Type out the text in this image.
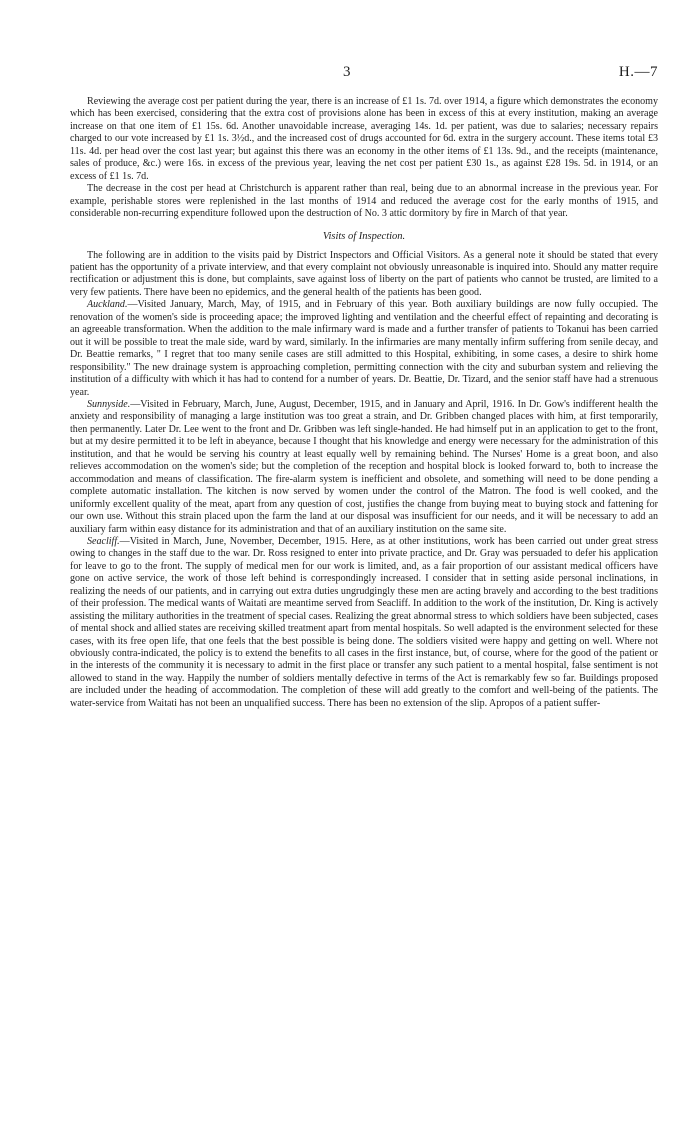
3	H.—7

Reviewing the average cost per patient during the year, there is an increase of £1 1s. 7d. over 1914, a figure which demonstrates the economy which has been exercised, considering that the extra cost of provisions alone has been in excess of this at every institution, making an average increase on that one item of £1 15s. 6d. Another unavoidable increase, averaging 14s. 1d. per patient, was due to salaries; necessary repairs charged to our vote increased by £1 1s. 3½d., and the increased cost of drugs accounted for 6d. extra in the surgery account. These items total £3 11s. 4d. per head over the cost last year; but against this there was an economy in the other items of £1 13s. 9d., and the receipts (maintenance, sales of produce, &c.) were 16s. in excess of the previous year, leaving the net cost per patient £30 1s., as against £28 19s. 5d. in 1914, or an excess of £1 1s. 7d.

The decrease in the cost per head at Christchurch is apparent rather than real, being due to an abnormal increase in the previous year. For example, perishable stores were replenished in the last months of 1914 and reduced the average cost for the early months of 1915, and considerable non-recurring expenditure followed upon the destruction of No. 3 attic dormitory by fire in March of that year.

Visits of Inspection.

The following are in addition to the visits paid by District Inspectors and Official Visitors. As a general note it should be stated that every patient has the opportunity of a private interview, and that every complaint not obviously unreasonable is inquired into. Should any matter require rectification or adjustment this is done, but complaints, save against loss of liberty on the part of patients who cannot be trusted, are limited to a very few patients. There have been no epidemics, and the general health of the patients has been good.

Auckland.—Visited January, March, May, of 1915, and in February of this year. Both auxiliary buildings are now fully occupied. The renovation of the women's side is proceeding apace; the improved lighting and ventilation and the cheerful effect of repainting and decorating is an agreeable transformation. When the addition to the male infirmary ward is made and a further transfer of patients to Tokanui has been carried out it will be possible to treat the male side, ward by ward, similarly. In the infirmaries are many mentally infirm suffering from senile decay, and Dr. Beattie remarks, " I regret that too many senile cases are still admitted to this Hospital, exhibiting, in some cases, a desire to shirk home responsibility." The new drainage system is approaching completion, permitting connection with the city and suburban system and relieving the institution of a difficulty with which it has had to contend for a number of years. Dr. Beattie, Dr. Tizard, and the senior staff have had a strenuous year.

Sunnyside.—Visited in February, March, June, August, December, 1915, and in January and April, 1916. In Dr. Gow's indifferent health the anxiety and responsibility of managing a large institution was too great a strain, and Dr. Gribben changed places with him, at first temporarily, then permanently. Later Dr. Lee went to the front and Dr. Gribben was left single-handed. He had himself put in an application to get to the front, but at my desire permitted it to be left in abeyance, because I thought that his knowledge and energy were necessary for the administration of this institution, and that he would be serving his country at least equally well by remaining behind. The Nurses' Home is a great boon, and also relieves accommodation on the women's side; but the completion of the reception and hospital block is looked forward to, both to increase the accommodation and means of classification. The fire-alarm system is inefficient and obsolete, and something will need to be done pending a complete automatic installation. The kitchen is now served by women under the control of the Matron. The food is well cooked, and the uniformly excellent quality of the meat, apart from any question of cost, justifies the change from buying meat to buying stock and fattening for our own use. Without this strain placed upon the farm the land at our disposal was insufficient for our needs, and it will be necessary to add an auxiliary farm within easy distance for its administration and that of an auxiliary institution on the same site.

Seacliff.—Visited in March, June, November, December, 1915. Here, as at other institutions, work has been carried out under great stress owing to changes in the staff due to the war. Dr. Ross resigned to enter into private practice, and Dr. Gray was persuaded to defer his application for leave to go to the front. The supply of medical men for our work is limited, and, as a fair proportion of our assistant medical officers have gone on active service, the work of those left behind is correspondingly increased. I consider that in setting aside personal inclinations, in realizing the needs of our patients, and in carrying out extra duties ungrudgingly these men are acting bravely and according to the best traditions of their profession. The medical wants of Waitati are meantime served from Seacliff. In addition to the work of the institution, Dr. King is actively assisting the military authorities in the treatment of special cases. Realizing the great abnormal stress to which soldiers have been subjected, cases of mental shock and allied states are receiving skilled treatment apart from mental hospitals. So well adapted is the environment selected for these cases, with its free open life, that one feels that the best possible is being done. The soldiers visited were happy and getting on well. Where not obviously contra-indicated, the policy is to extend the benefits to all cases in the first instance, but, of course, where for the good of the patient or in the interests of the community it is necessary to admit in the first place or transfer any such patient to a mental hospital, false sentiment is not allowed to stand in the way. Happily the number of soldiers mentally defective in terms of the Act is remarkably few so far. Buildings proposed are included under the heading of accommodation. The completion of these will add greatly to the comfort and well-being of the patients. The water-service from Waitati has not been an unqualified success. There has been no extension of the slip. Apropos of a patient suffer-
